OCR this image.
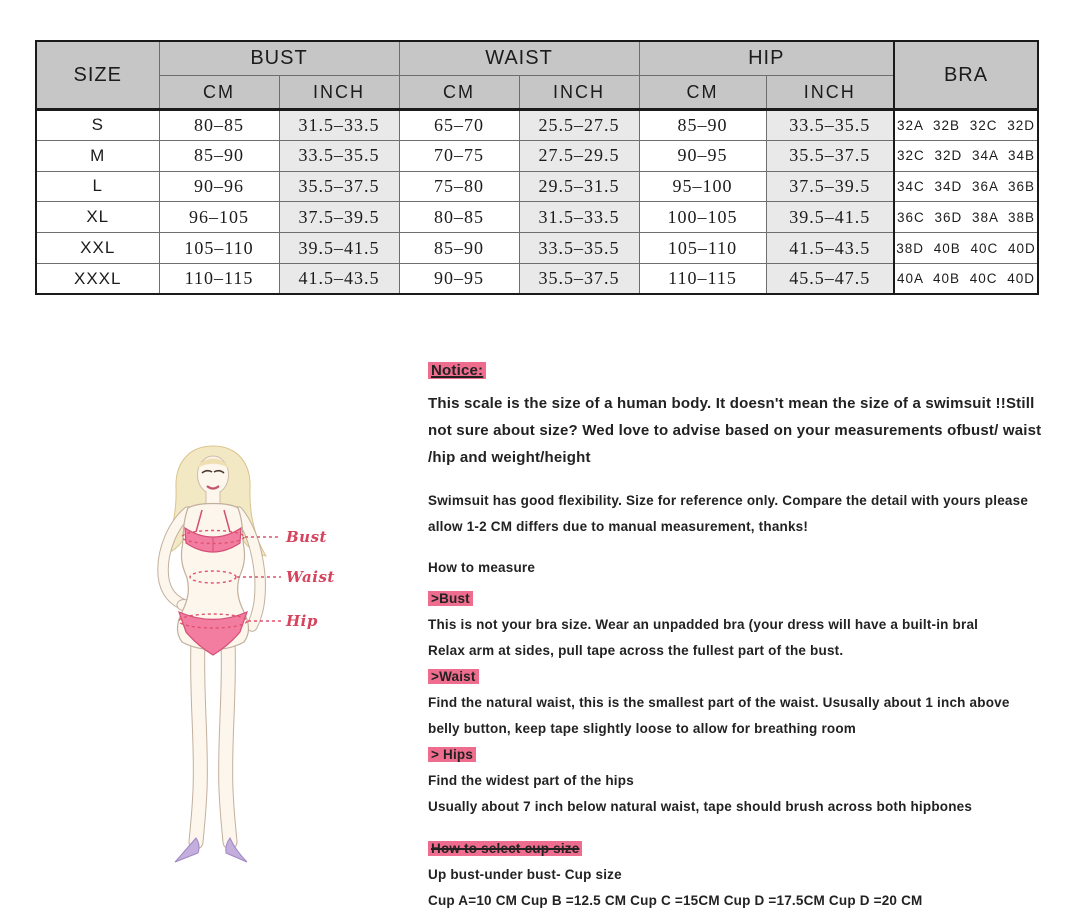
SIZE	BUST		WAIST		HIP		BRA
	CM	INCH	CM	INCH	CM	INCH	
S	80–85	31.5–33.5	65–70	25.5–27.5	85–90	33.5–35.5	32A 32B 32C 32D
M	85–90	33.5–35.5	70–75	27.5–29.5	90–95	35.5–37.5	32C 32D 34A 34B
L	90–96	35.5–37.5	75–80	29.5–31.5	95–100	37.5–39.5	34C 34D 36A 36B
XL	96–105	37.5–39.5	80–85	31.5–33.5	100–105	39.5–41.5	36C 36D 38A 38B
XXL	105–110	39.5–41.5	85–90	33.5–35.5	105–110	41.5–43.5	38D 40B 40C 40D
XXXL	110–115	41.5–43.5	90–95	35.5–37.5	110–115	45.5–47.5	40A 40B 40C 40D
Bust
Waist
Hip
Notice:

This scale is the size of a human body. It doesn't mean the size of a swimsuit !!Still not sure about size? Wed love to advise based on your measurements ofbust/ waist /hip and weight/height

Swimsuit has good flexibility. Size for reference only. Compare the detail with yours please allow 1-2 CM differs due to manual measurement, thanks!

How to measure

>Bust

This is not your bra size. Wear an unpadded bra (your dress will have a built-in bral

Relax arm at sides, pull tape across the fullest part of the bust.

>Waist

Find the natural waist, this is the smallest part of the waist. Ususally about 1 inch above

belly button, keep tape slightly loose to allow for breathing room

> Hips

Find the widest part of the hips

Usually about 7 inch below natural waist, tape should brush across both hipbones

How to select cup size

Up bust-under bust- Cup size

Cup A=10 CM Cup B =12.5 CM Cup C =15CM Cup D =17.5CM Cup D =20 CM
